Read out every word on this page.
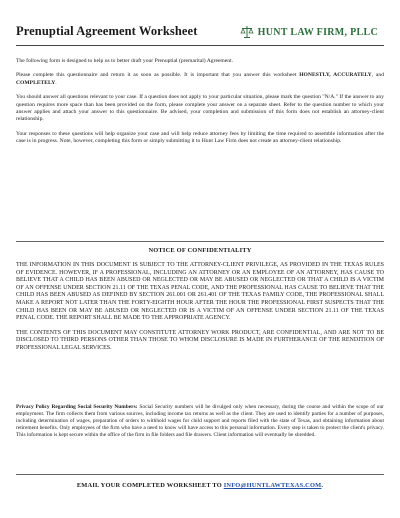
Prenuptial Agreement Worksheet	HUNT LAW FIRM, PLLC

The following form is designed to help us to better draft your Prenuptial (premarital) Agreement.

Please complete this questionnaire and return it as soon as possible. It is important that you answer this worksheet HONESTLY, ACCURATELY, and COMPLETELY.

You should answer all questions relevant to your case. If a question does not apply to your particular situation, please mark the question "N/A." If the answer to any question requires more space than has been provided on the form, please complete your answer on a separate sheet. Refer to the question number to which your answer applies and attach your answer to this questionnaire. Be advised, your completion and submission of this form does not establish an attorney-client relationship.

Your responses to these questions will help organize your case and will help reduce attorney fees by limiting the time required to assemble information after the case is in progress. Note, however, completing this form or simply submitting it to Hunt Law Firm does not create an attorney-client relationship.

NOTICE OF CONFIDENTIALITY

THE INFORMATION IN THIS DOCUMENT IS SUBJECT TO THE ATTORNEY-CLIENT PRIVILEGE, AS PROVIDED IN THE TEXAS RULES OF EVIDENCE. HOWEVER, IF A PROFESSIONAL, INCLUDING AN ATTORNEY OR AN EMPLOYEE OF AN ATTORNEY, HAS CAUSE TO BELIEVE THAT A CHILD HAS BEEN ABUSED OR NEGLECTED OR MAY BE ABUSED OR NEGLECTED OR THAT A CHILD IS A VICTIM OF AN OFFENSE UNDER SECTION 21.11 OF THE TEXAS PENAL CODE, AND THE PROFESSIONAL HAS CAUSE TO BELIEVE THAT THE CHILD HAS BEEN ABUSED AS DEFINED BY SECTION 261.001 OR 261.401 OF THE TEXAS FAMILY CODE, THE PROFESSIONAL SHALL MAKE A REPORT NOT LATER THAN THE FORTY-EIGHTH HOUR AFTER THE HOUR THE PROFESSIONAL FIRST SUSPECTS THAT THE CHILD HAS BEEN OR MAY BE ABUSED OR NEGLECTED OR IS A VICTIM OF AN OFFENSE UNDER SECTION 21.11 OF THE TEXAS PENAL CODE. THE REPORT SHALL BE MADE TO THE APPROPRIATE AGENCY.

THE CONTENTS OF THIS DOCUMENT MAY CONSTITUTE ATTORNEY WORK PRODUCT, ARE CONFIDENTIAL, AND ARE NOT TO BE DISCLOSED TO THIRD PERSONS OTHER THAN THOSE TO WHOM DISCLOSURE IS MADE IN FURTHERANCE OF THE RENDITION OF PROFESSIONAL LEGAL SERVICES.

Privacy Policy Regarding Social Security Numbers: Social Security numbers will be divulged only when necessary, during the course and within the scope of our employment. The firm collects them from various sources, including income tax returns as well as the client. They are used to identify parties for a number of purposes, including determination of wages, preparation of orders to withhold wages for child support and reports filed with the state of Texas, and obtaining information about retirement benefits. Only employees of the firm who have a need to know will have access to this personal information. Every step is taken to protect the client's privacy. This information is kept secure within the office of the firm in file folders and file drawers. Client information will eventually be shredded.
EMAIL YOUR COMPLETED WORKSHEET TO INFO@HUNTLAWTEXAS.COM.
